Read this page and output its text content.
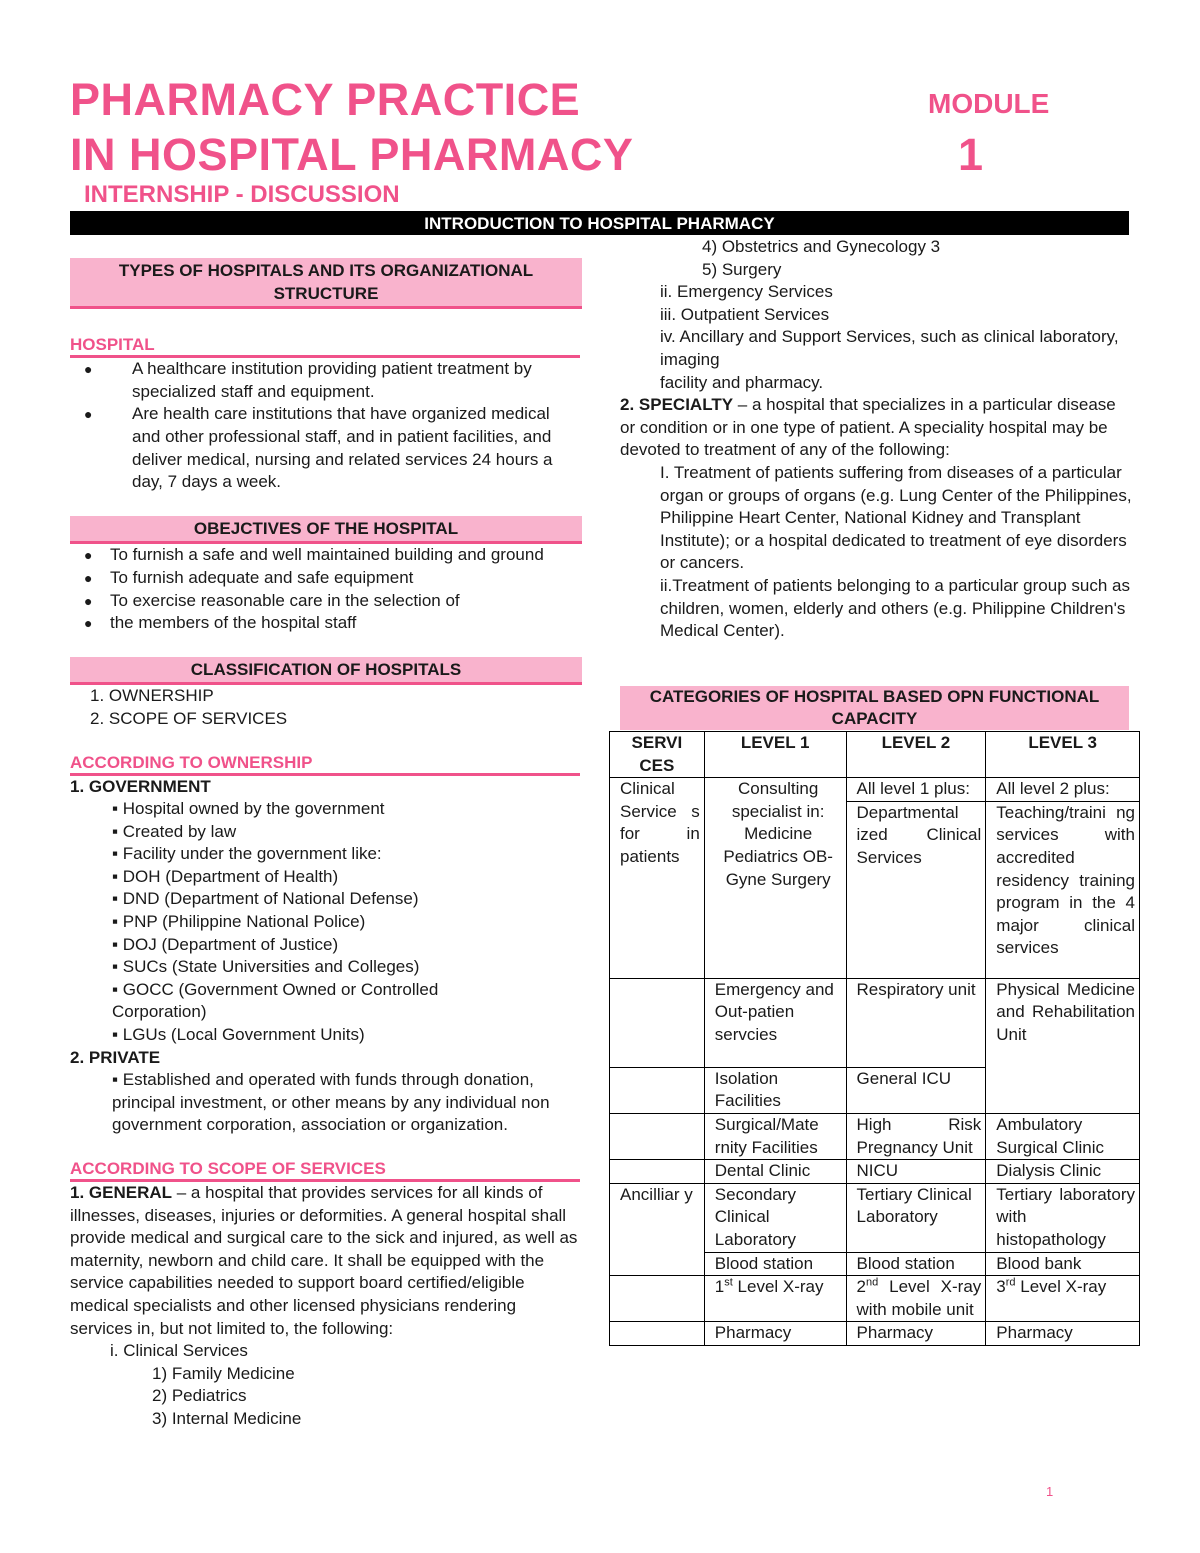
PHARMACY PRACTICE
IN HOSPITAL PHARMACY
MODULE
1
INTERNSHIP - DISCUSSION
INTRODUCTION TO HOSPITAL PHARMACY
TYPES OF HOSPITALS AND ITS ORGANIZATIONAL STRUCTURE
HOSPITAL
● A healthcare institution providing patient treatment by specialized staff and equipment.
● Are health care institutions that have organized medical and other professional staff, and in patient facilities, and deliver medical, nursing and related services 24 hours a day, 7 days a week.
OBEJCTIVES OF THE HOSPITAL
● To furnish a safe and well maintained building and ground
● To furnish adequate and safe equipment
● To exercise reasonable care in the selection of
● the members of the hospital staff
CLASSIFICATION OF HOSPITALS
1. OWNERSHIP
2. SCOPE OF SERVICES
ACCORDING TO OWNERSHIP
1. GOVERNMENT
▪ Hospital owned by the government
▪ Created by law
▪ Facility under the government like:
▪ DOH (Department of Health)
▪ DND (Department of National Defense)
▪ PNP (Philippine National Police)
▪ DOJ (Department of Justice)
▪ SUCs (State Universities and Colleges)
▪ GOCC (Government Owned or Controlled Corporation)
▪ LGUs (Local Government Units)
2. PRIVATE
▪ Established and operated with funds through donation, principal investment, or other means by any individual non government corporation, association or organization.
ACCORDING TO SCOPE OF SERVICES
1. GENERAL – a hospital that provides services for all kinds of illnesses, diseases, injuries or deformities. A general hospital shall provide medical and surgical care to the sick and injured, as well as maternity, newborn and child care. It shall be equipped with the service capabilities needed to support board certified/eligible medical specialists and other licensed physicians rendering services in, but not limited to, the following:
i. Clinical Services
1) Family Medicine
2) Pediatrics
3) Internal Medicine
4) Obstetrics and Gynecology 3
5) Surgery
ii. Emergency Services
iii. Outpatient Services
iv. Ancillary and Support Services, such as clinical laboratory, imaging
facility and pharmacy.
2. SPECIALTY – a hospital that specializes in a particular disease or condition or in one type of patient. A speciality hospital may be devoted to treatment of any of the following:
I. Treatment of patients suffering from diseases of a particular organ or groups of organs (e.g. Lung Center of the Philippines, Philippine Heart Center, National Kidney and Transplant Institute); or a hospital dedicated to treatment of eye disorders or cancers.
ii.Treatment of patients belonging to a particular group such as children, women, elderly and others (e.g. Philippine Children's Medical Center).
CATEGORIES OF HOSPITAL BASED OPN FUNCTIONAL CAPACITY
SERVI CES	LEVEL 1	LEVEL 2	LEVEL 3
Clinical Service s for in patients	Consulting specialist in: Medicine Pediatrics OB-Gyne Surgery	All level 1 plus:	All level 2 plus:
		Departmental ized Clinical Services	Teaching/traini ng services with accredited residency training program in the 4 major clinical services
	Emergency and Out-patien servcies	Respiratory unit	Physical Medicine and Rehabilitation Unit
	Isolation Facilities	General ICU	
	Surgical/Mate rnity Facilities	High Risk Pregnancy Unit	Ambulatory Surgical Clinic
	Dental Clinic	NICU	Dialysis Clinic
Ancilliar y	Secondary Clinical Laboratory	Tertiary Clinical Laboratory	Tertiary laboratory with histopathology
	Blood station	Blood station	Blood bank
	1st Level X-ray	2nd Level X-ray with mobile unit	3rd Level X-ray
	Pharmacy	Pharmacy	Pharmacy
1
